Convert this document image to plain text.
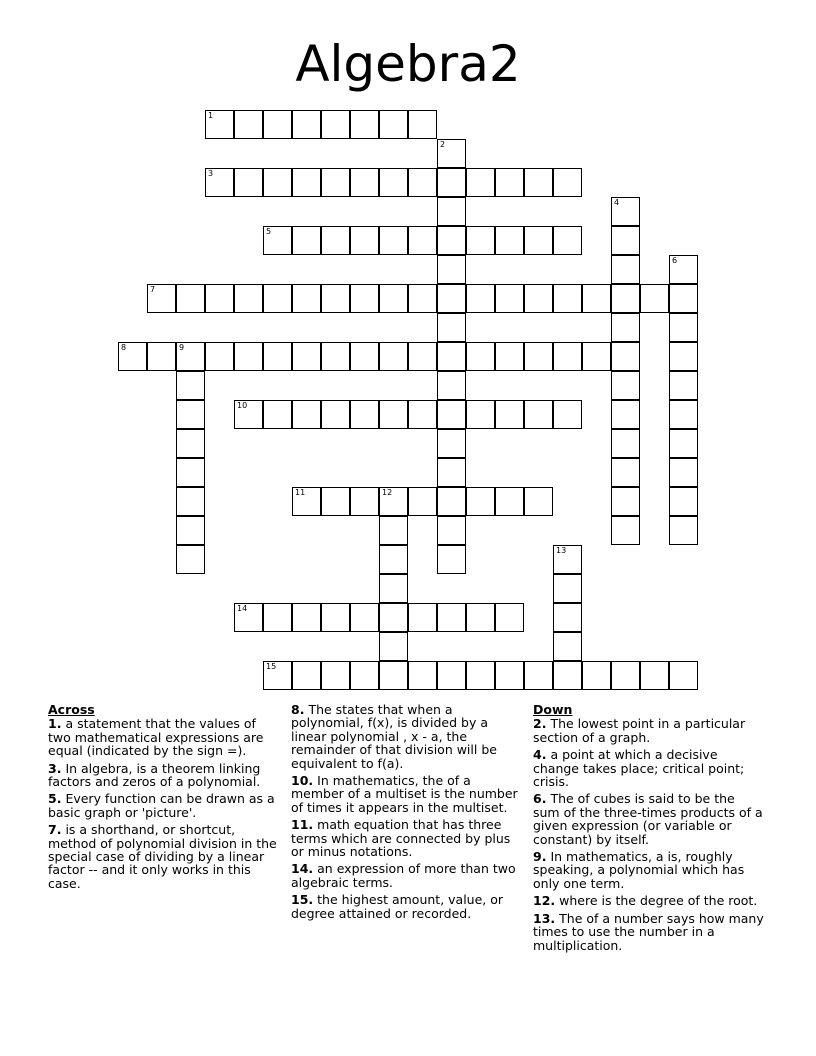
Algebra2
1
3
5
7
8	9
10
11	12
14
15
2
4
6
13
Across
1. a statement that the values of two mathematical expressions are equal (indicated by the sign =).
3. In algebra, is a theorem linking factors and zeros of a polynomial.
5. Every function can be drawn as a basic graph or 'picture'.
7. is a shorthand, or shortcut, method of polynomial division in the special case of dividing by a linear factor -- and it only works in this case.
8. The states that when a polynomial, f(x), is divided by a linear polynomial , x - a, the remainder of that division will be equivalent to f(a).
10. In mathematics, the of a member of a multiset is the number of times it appears in the multiset.
11. math equation that has three terms which are connected by plus or minus notations.
14. an expression of more than two algebraic terms.
15. the highest amount, value, or degree attained or recorded.
Down
2. The lowest point in a particular section of a graph.
4. a point at which a decisive change takes place; critical point; crisis.
6. The of cubes is said to be the sum of the three-times products of a given expression (or variable or constant) by itself.
9. In mathematics, a is, roughly speaking, a polynomial which has only one term.
12. where is the degree of the root.
13. The of a number says how many times to use the number in a multiplication.
